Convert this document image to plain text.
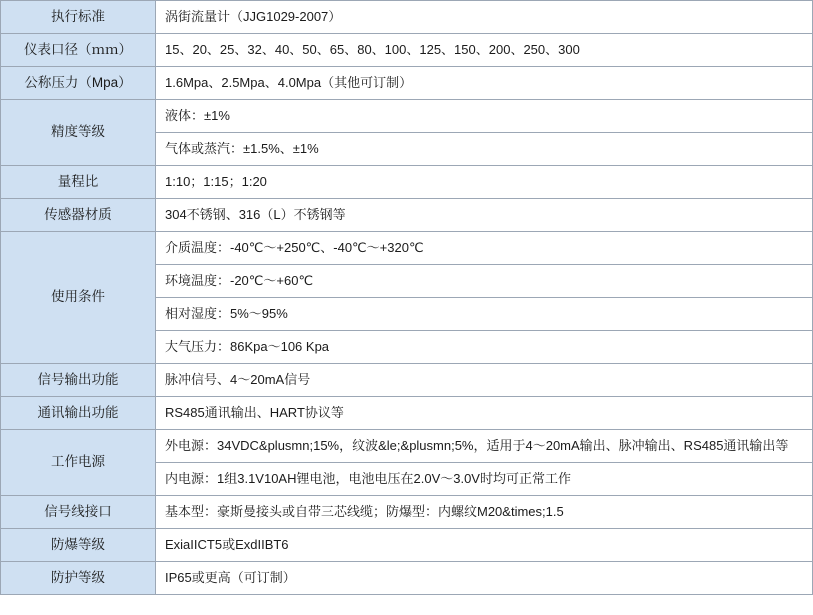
执行标准	涡街流量计（JJG1029-2007）
仪表口径（ｍｍ）	15、20、25、32、40、50、65、80、100、125、150、200、250、300
公称压力（Mpa）	1.6Mpa、2.5Mpa、4.0Mpa（其他可订制）
精度等级	液体：±1%
	气体或蒸汽：±1.5%、±1%
量程比	1:10；1:15；1:20
传感器材质	304不锈钢、316（L）不锈钢等
使用条件	介质温度：-40℃～+250℃、-40℃～+320℃
	环境温度：-20℃～+60℃
	相对湿度：5%～95%
	大气压力：86Kpa～106 Kpa
信号输出功能	脉冲信号、4～20mA信号
通讯输出功能	RS485通讯输出、HART协议等
工作电源	外电源：34VDC&plusmn;15%，纹波&le;&plusmn;5%，适用于4～20mA输出、脉冲输出、RS485通讯输出等
	内电源：1组3.1V10AH锂电池，电池电压在2.0V～3.0V时均可正常工作
信号线接口	基本型：豪斯曼接头或自带三芯线缆；防爆型：内螺纹M20&times;1.5
防爆等级	ExiaIICT5或ExdIIBT6
防护等级	IP65或更高（可订制）
